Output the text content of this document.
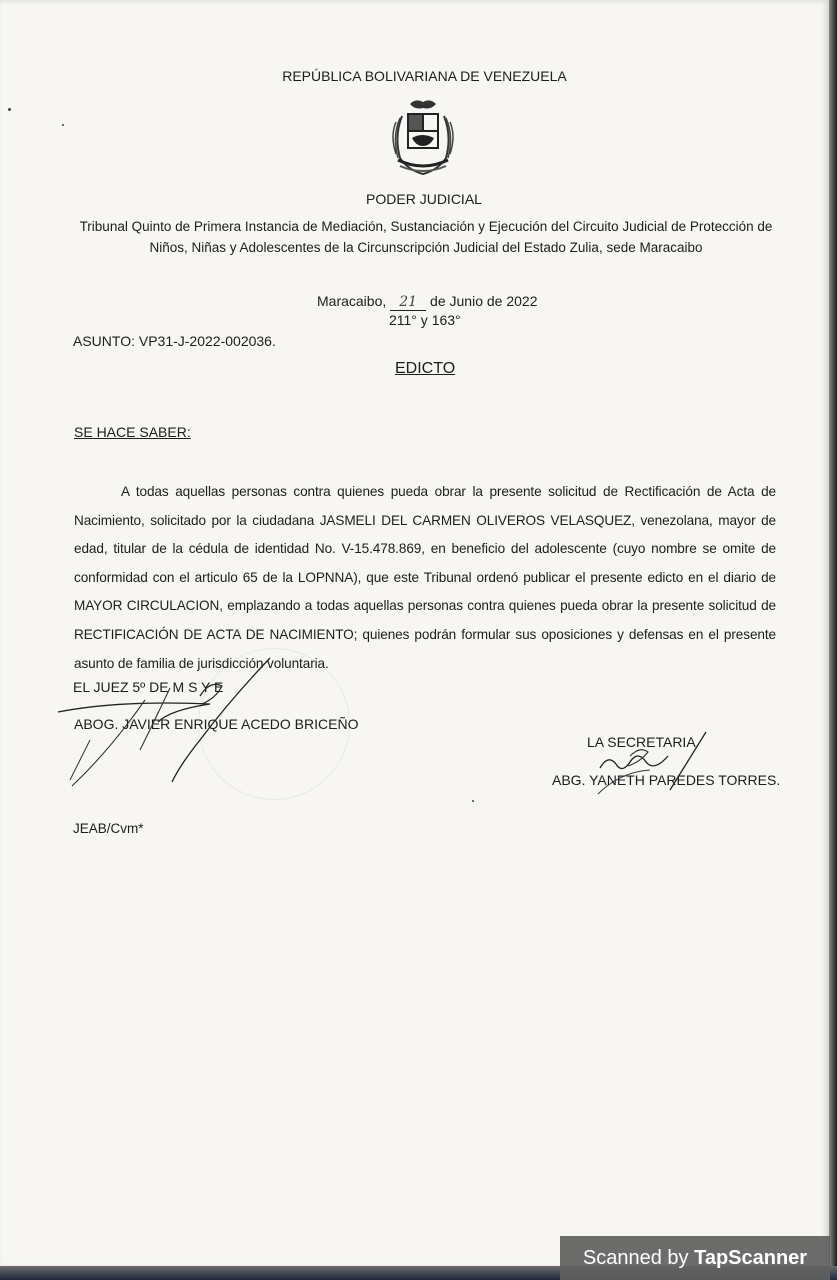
REPÚBLICA BOLIVARIANA DE VENEZUELA
PODER JUDICIAL
Tribunal Quinto de Primera Instancia de Mediación, Sustanciación y Ejecución del Circuito Judicial de Protección de
Niños, Niñas y Adolescentes de la Circunscripción Judicial del Estado Zulia, sede Maracaibo
Maracaibo, 21 de Junio de 2022
211° y 163°
ASUNTO: VP31-J-2022-002036.
EDICTO
SE HACE SABER:
A todas aquellas personas contra quienes pueda obrar la presente solicitud de Rectificación de Acta de Nacimiento, solicitado por la ciudadana JASMELI DEL CARMEN OLIVEROS VELASQUEZ, venezolana, mayor de edad, titular de la cédula de identidad No. V-15.478.869, en beneficio del adolescente (cuyo nombre se omite de conformidad con el articulo 65 de la LOPNNA), que este Tribunal ordenó publicar el presente edicto en el diario de MAYOR CIRCULACION, emplazando a todas aquellas personas contra quienes pueda obrar la presente solicitud de RECTIFICACIÓN DE ACTA DE NACIMIENTO; quienes podrán formular sus oposiciones y defensas en el presente asunto de familia de jurisdicción voluntaria.
EL JUEZ 5º DE M S Y E
ABOG. JAVIER ENRIQUE ACEDO BRICEÑO
LA SECRETARIA
ABG. YANETH PAREDES TORRES.
JEAB/Cvm*
Scanned by TapScanner
